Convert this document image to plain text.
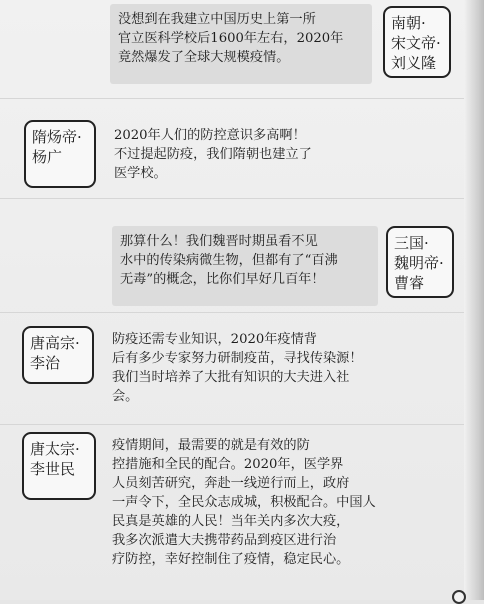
没想到在我建立中国历史上第一所
官立医科学校后1600年左右，2020年
竟然爆发了全球大规模疫情。
南朝·
宋文帝·
刘义隆
隋炀帝·
杨广
2020年人们的防控意识多高啊！
不过提起防疫，我们隋朝也建立了
医学校。
那算什么！我们魏晋时期虽看不见
水中的传染病微生物，但都有了“百沸
无毒”的概念，比你们早好几百年！
三国·
魏明帝·
曹睿
唐高宗·
李治
防疫还需专业知识，2020年疫情背
后有多少专家努力研制疫苗，寻找传染源！
我们当时培养了大批有知识的大夫进入社
会。
唐太宗·
李世民
疫情期间，最需要的就是有效的防
控措施和全民的配合。2020年，医学界
人员刻苦研究，奔赴一线逆行而上，政府
一声令下，全民众志成城，积极配合。中国人
民真是英雄的人民！当年关内多次大疫，
我多次派遣大夫携带药品到疫区进行治
疗防控，幸好控制住了疫情，稳定民心。
